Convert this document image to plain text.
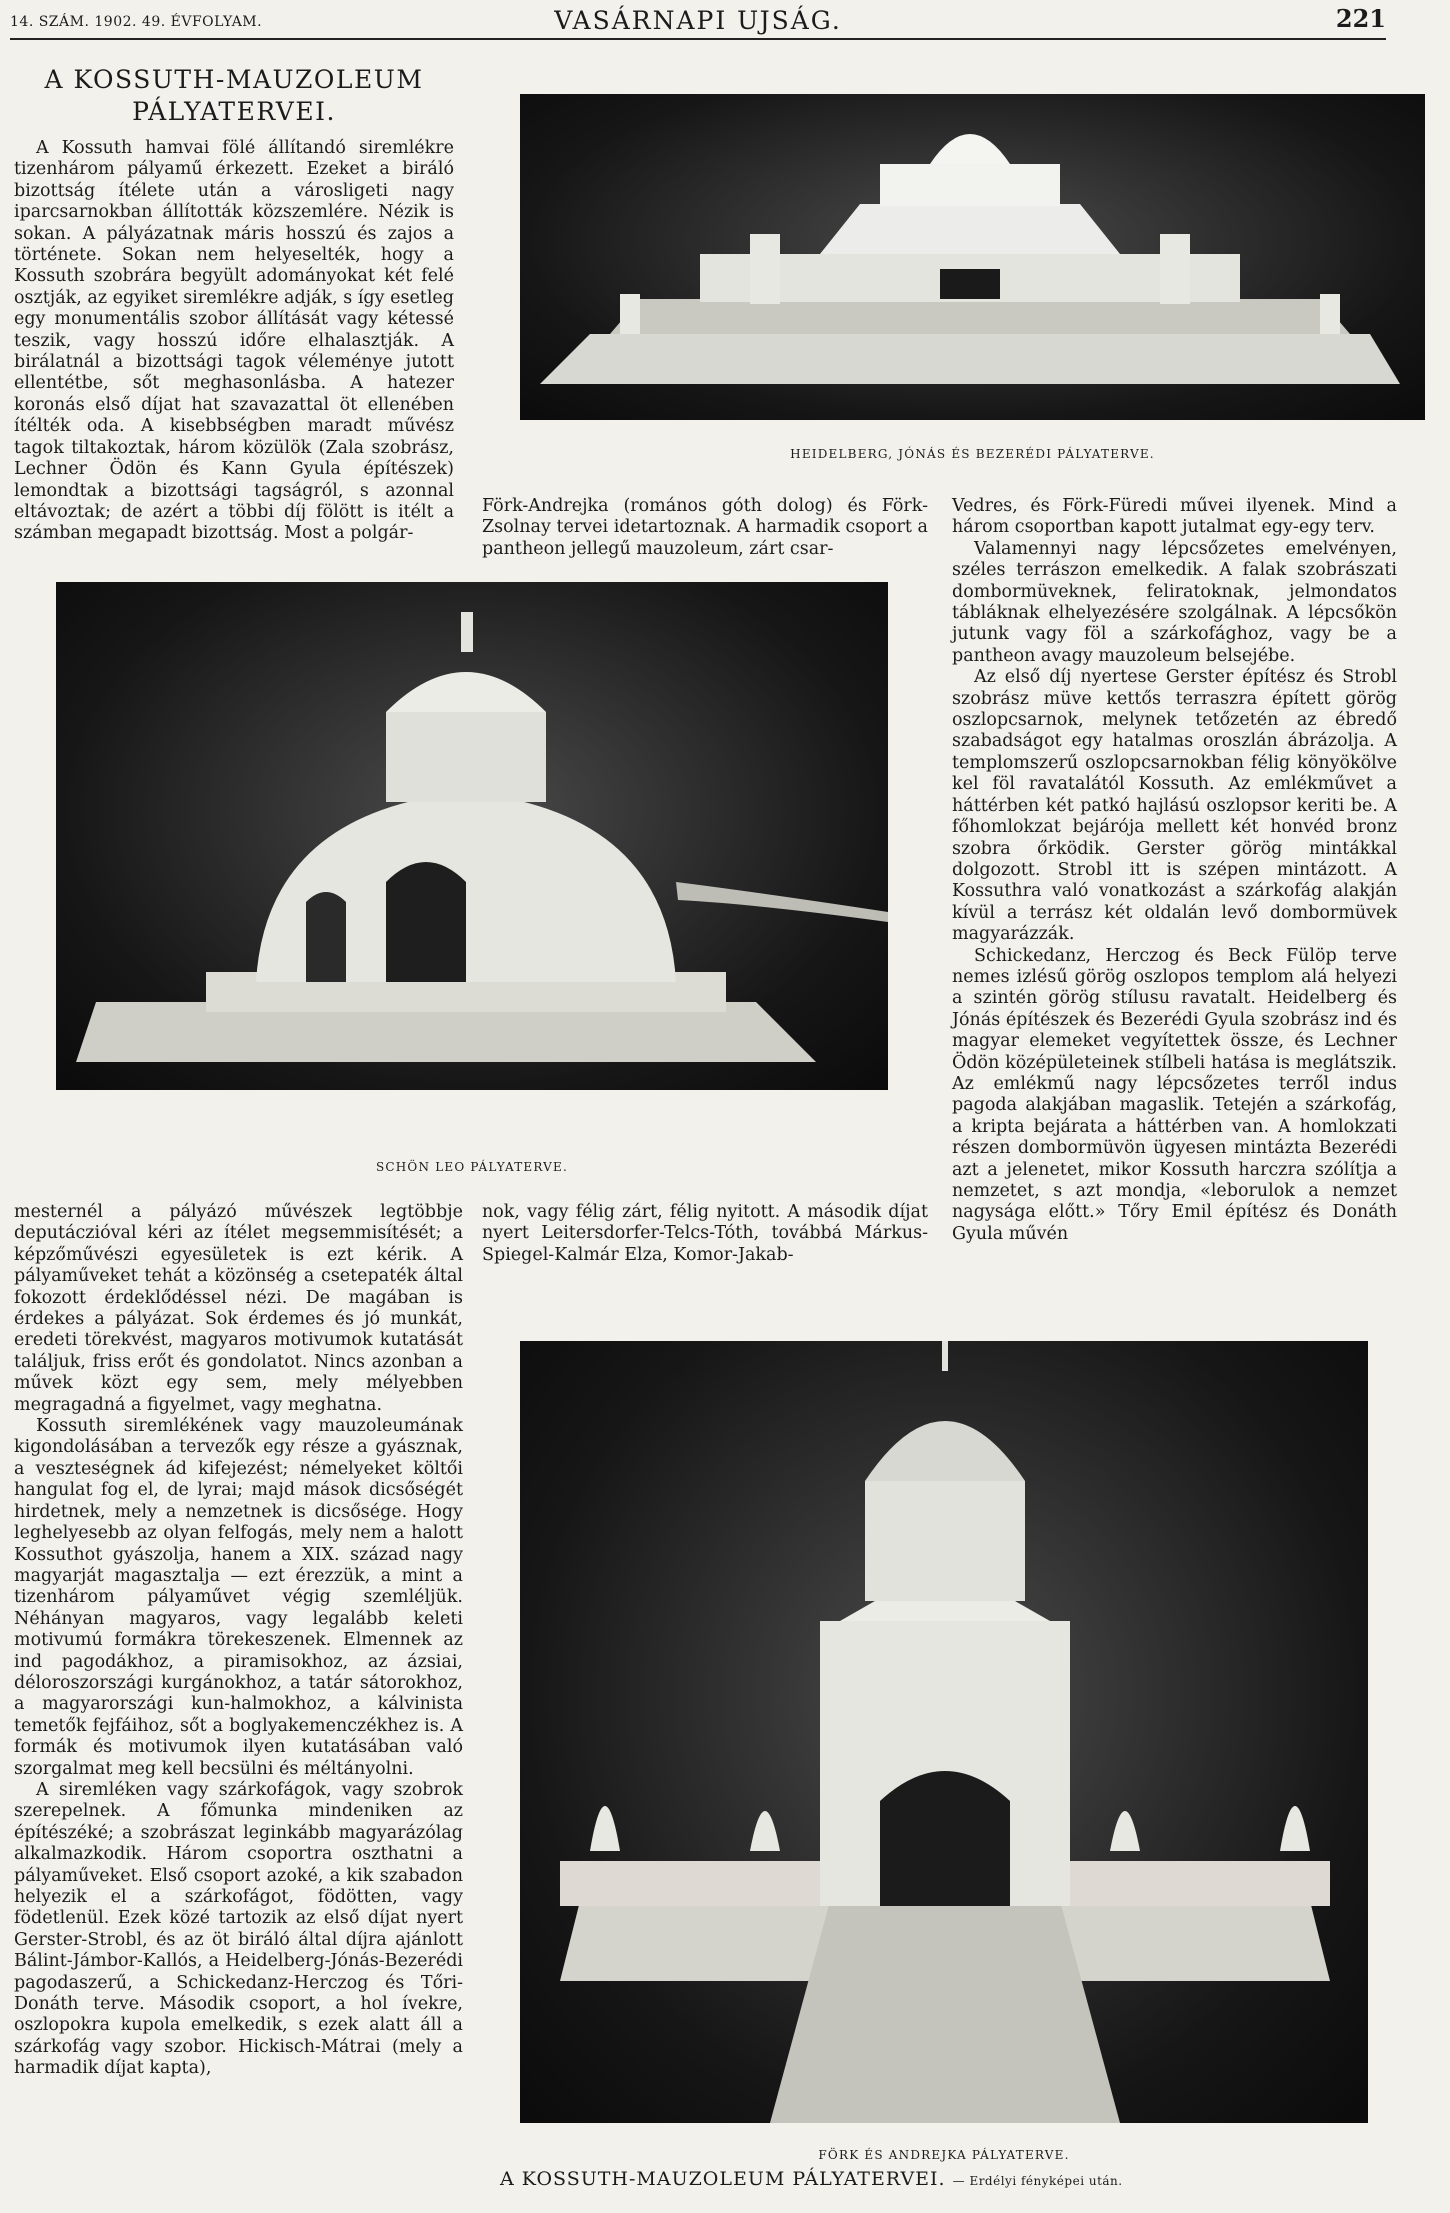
14. SZÁM. 1902. 49. ÉVFOLYAM.	VASÁRNAPI UJSÁG.	221
A KOSSUTH-MAUZOLEUM PÁLYATERVEI.

A Kossuth hamvai fölé állítandó siremlékre tizenhárom pályamű érkezett. Ezeket a biráló bizottság ítélete után a városligeti nagy iparcsarnokban állították közszemlére. Nézik is sokan. A pályázatnak máris hosszú és zajos a története. Sokan nem helyeselték, hogy a Kossuth szobrára begyült adományokat két felé osztják, az egyiket siremlékre adják, s így esetleg egy monumentális szobor állítását vagy kétessé teszik, vagy hosszú időre elhalasztják. A birálatnál a bizottsági tagok véleménye jutott ellentétbe, sőt meghasonlásba. A hatezer koronás első díjat hat szavazattal öt ellenében ítélték oda. A kisebbségben maradt művész tagok tiltakoztak, három közülök (Zala szobrász, Lechner Ödön és Kann Gyula építészek) lemondtak a bizottsági tagságról, s azonnal eltávoztak; de azért a többi díj fölött is itélt a számban megapadt bizottság. Most a polgár-

HEIDELBERG, JÓNÁS ÉS BEZERÉDI PÁLYATERVE.

Förk-Andrejka (romános góth dolog) és Förk-Zsolnay tervei idetartoznak. A harmadik csoport a pantheon jellegű mauzoleum, zárt csar-

Vedres, és Förk-Füredi művei ilyenek. Mind a három csoportban kapott jutalmat egy-egy terv.

Valamennyi nagy lépcsőzetes emelvényen, széles terrászon emelkedik. A falak szobrászati dombormüveknek, feliratoknak, jelmondatos tábláknak elhelyezésére szolgálnak. A lépcsőkön jutunk vagy föl a szárkofághoz, vagy be a pantheon avagy mauzoleum belsejébe.

Az első díj nyertese Gerster építész és Strobl szobrász müve kettős terraszra épített görög oszlopcsarnok, melynek tetőzetén az ébredő szabadságot egy hatalmas oroszlán ábrázolja. A templomszerű oszlopcsarnokban félig könyökölve kel föl ravatalától Kossuth. Az emlékművet a háttérben két patkó hajlású oszlopsor keriti be. A főhomlokzat bejárója mellett két honvéd bronz szobra őrködik. Gerster görög mintákkal dolgozott. Strobl itt is szépen mintázott. A Kossuthra való vonatkozást a szárkofág alakján kívül a terrász két oldalán levő dombormüvek magyarázzák.

Schickedanz, Herczog és Beck Fülöp terve nemes izlésű görög oszlopos templom alá helyezi a szintén görög stílusu ravatalt. Heidelberg és Jónás építészek és Bezerédi Gyula szobrász ind és magyar elemeket vegyítettek össze, és Lechner Ödön középületeinek stílbeli hatása is meglátszik. Az emlékmű nagy lépcsőzetes terről indus pagoda alakjában magaslik. Tetején a szárkofág, a kripta bejárata a háttérben van. A homlokzati részen dombormüvön ügyesen mintázta Bezerédi azt a jelenetet, mikor Kossuth harczra szólítja a nemzetet, s azt mondja, «leborulok a nemzet nagysága előtt.» Tőry Emil építész és Donáth Gyula művén

SCHÖN LEO PÁLYATERVE.

mesternél a pályázó művészek legtöbbje deputáczióval kéri az ítélet megsemmisítését; a képzőművészi egyesületek is ezt kérik. A pályaműveket tehát a közönség a csetepaték által fokozott érdeklődéssel nézi. De magában is érdekes a pályázat. Sok érdemes és jó munkát, eredeti törekvést, magyaros motivumok kutatását találjuk, friss erőt és gondolatot. Nincs azonban a művek közt egy sem, mely mélyebben megragadná a figyelmet, vagy meghatna.

Kossuth siremlékének vagy mauzoleumának kigondolásában a tervezők egy része a gyásznak, a veszteségnek ád kifejezést; némelyeket költői hangulat fog el, de lyrai; majd mások dicsőségét hirdetnek, mely a nemzetnek is dicsősége. Hogy leghelyesebb az olyan felfogás, mely nem a halott Kossuthot gyászolja, hanem a XIX. század nagy magyarját magasztalja — ezt érezzük, a mint a tizenhárom pályaművet végig szemléljük. Néhányan magyaros, vagy legalább keleti motivumú formákra törekeszenek. Elmennek az ind pagodákhoz, a piramisokhoz, az ázsiai, déloroszországi kurgánokhoz, a tatár sátorokhoz, a magyarországi kun-halmokhoz, a kálvinista temetők fejfáihoz, sőt a boglyakemenczékhez is. A formák és motivumok ilyen kutatásában való szorgalmat meg kell becsülni és méltányolni.

A siremléken vagy szárkofágok, vagy szobrok szerepelnek. A főmunka mindeniken az építészéké; a szobrászat leginkább magyarázólag alkalmazkodik. Három csoportra oszthatni a pályaműveket. Első csoport azoké, a kik szabadon helyezik el a szárkofágot, födötten, vagy födetlenül. Ezek közé tartozik az első díjat nyert Gerster-Strobl, és az öt biráló által díjra ajánlott Bálint-Jámbor-Kallós, a Heidelberg-Jónás-Bezerédi pagodaszerű, a Schickedanz-Herczog és Tőri-Donáth terve. Második csoport, a hol ívekre, oszlopokra kupola emelkedik, s ezek alatt áll a szárkofág vagy szobor. Hickisch-Mátrai (mely a harmadik díjat kapta),

nok, vagy félig zárt, félig nyitott. A második díjat nyert Leitersdorfer-Telcs-Tóth, továbbá Márkus-Spiegel-Kalmár Elza, Komor-Jakab-

FÖRK ÉS ANDREJKA PÁLYATERVE.
A KOSSUTH-MAUZOLEUM PÁLYATERVEI. — Erdélyi fényképei után.
